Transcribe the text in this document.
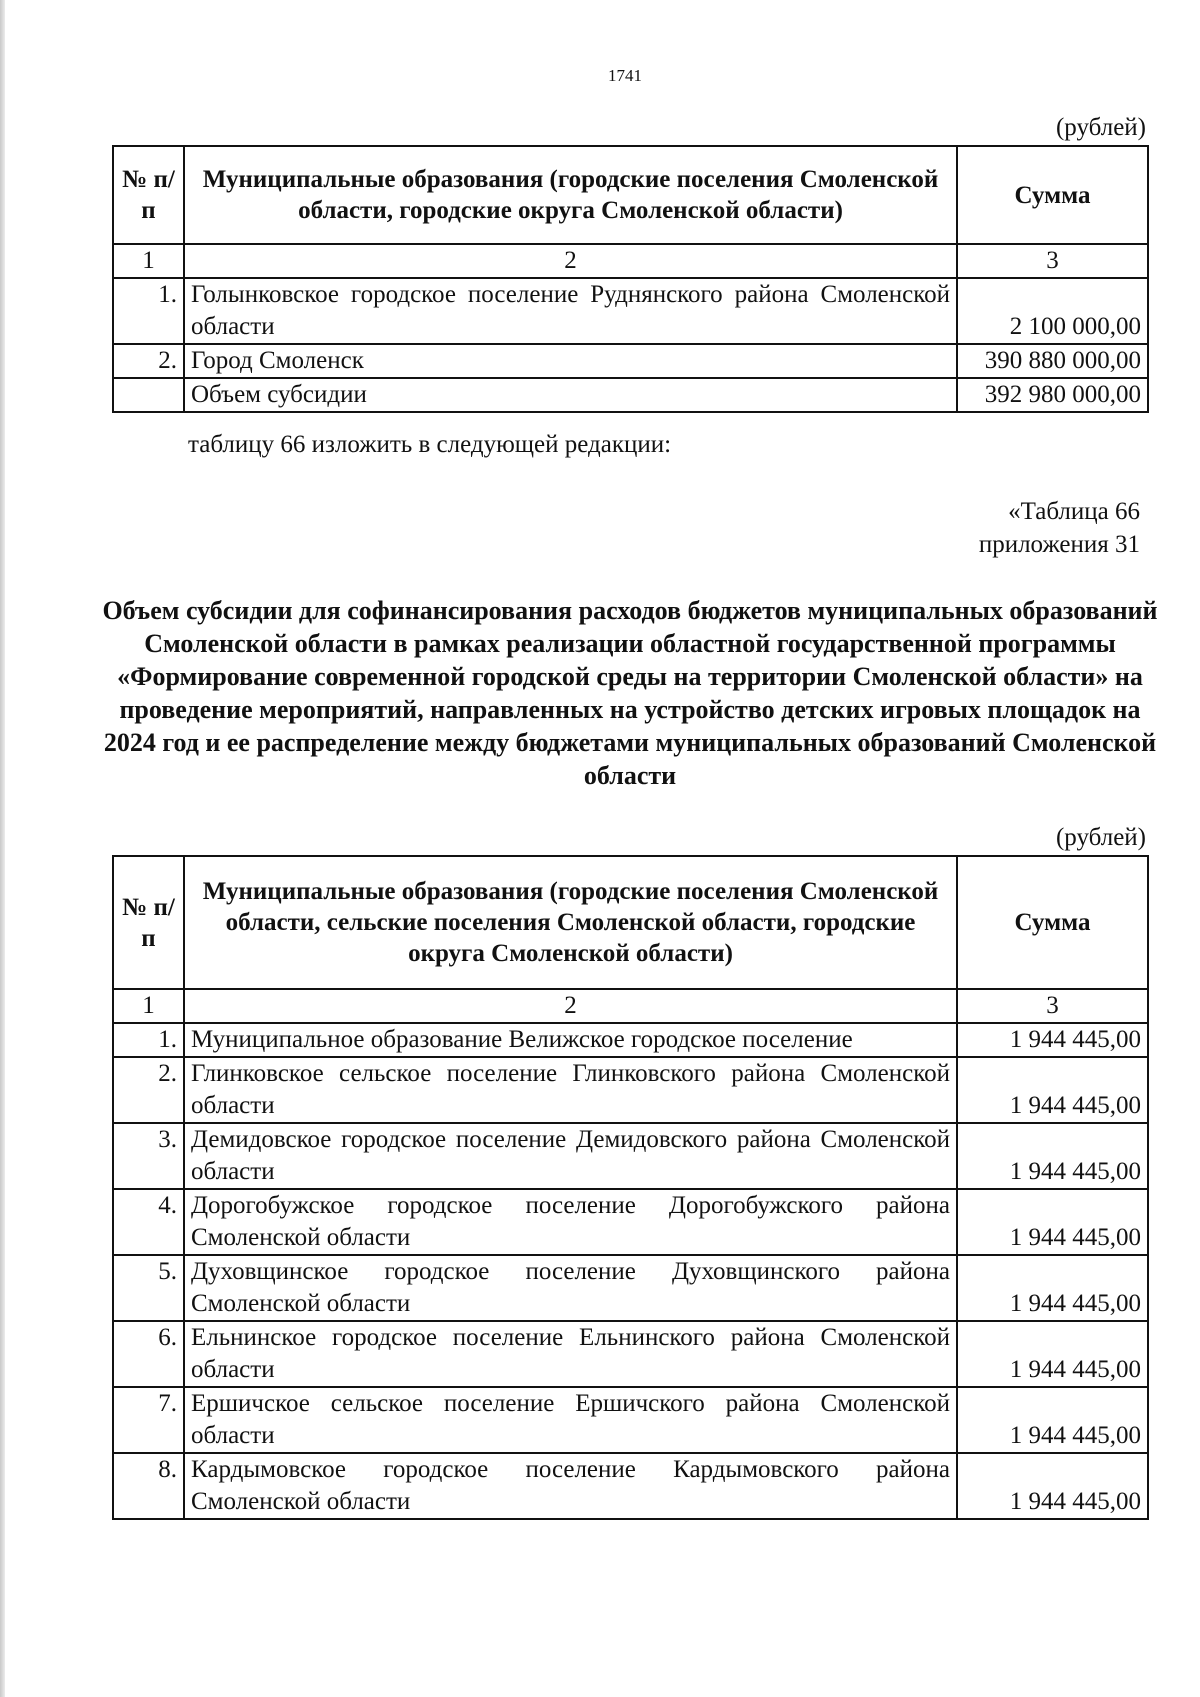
1741
(рублей)
№ п/п	Муниципальные образования (городские поселения Смоленской области, городские округа Смоленской области)	Сумма
1	2	3
1.	Голынковское городское поселение Руднянского района Смоленской области	2 100 000,00
2.	Город Смоленск	390 880 000,00
	Объем субсидии	392 980 000,00
таблицу 66 изложить в следующей редакции:
«Таблица 66
приложения 31
Объем субсидии для софинансирования расходов бюджетов муниципальных образований Смоленской области в рамках реализации областной государственной программы «Формирование современной городской среды на территории Смоленской области» на проведение мероприятий, направленных на устройство детских игровых площадок на 2024 год и ее распределение между бюджетами муниципальных образований Смоленской области
(рублей)
№ п/п	Муниципальные образования (городские поселения Смоленской области, сельские поселения Смоленской области, городские округа Смоленской области)	Сумма
1	2	3
1.	Муниципальное образование Велижское городское поселение	1 944 445,00
2.	Глинковское сельское поселение Глинковского района Смоленской области	1 944 445,00
3.	Демидовское городское поселение Демидовского района Смоленской области	1 944 445,00
4.	Дорогобужское городское поселение Дорогобужского района Смоленской области	1 944 445,00
5.	Духовщинское городское поселение Духовщинского района Смоленской области	1 944 445,00
6.	Ельнинское городское поселение Ельнинского района Смоленской области	1 944 445,00
7.	Ершичское сельское поселение Ершичского района Смоленской области	1 944 445,00
8.	Кардымовское городское поселение Кардымовского района Смоленской области	1 944 445,00
